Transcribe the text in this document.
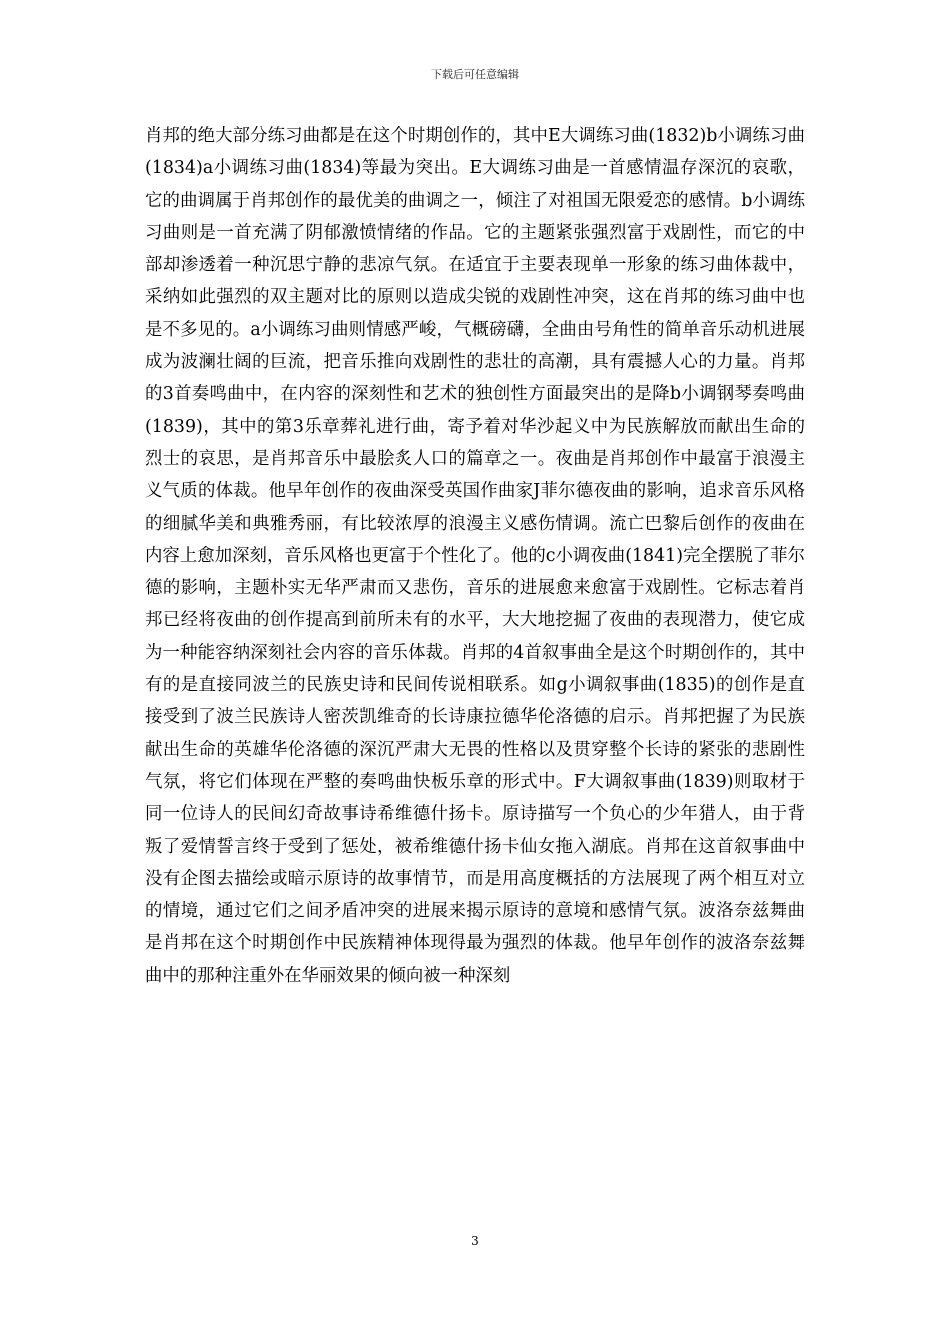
下载后可任意编辑

肖邦的绝大部分练习曲都是在这个时期创作的，其中E大调练习曲(1832)b小调练习曲(1834)a小调练习曲(1834)等最为突出。E大调练习曲是一首感情温存深沉的哀歌，它的曲调属于肖邦创作的最优美的曲调之一，倾注了对祖国无限爱恋的感情。b小调练习曲则是一首充满了阴郁激愤情绪的作品。它的主题紧张强烈富于戏剧性，而它的中部却渗透着一种沉思宁静的悲凉气氛。在适宜于主要表现单一形象的练习曲体裁中，采纳如此强烈的双主题对比的原则以造成尖锐的戏剧性冲突，这在肖邦的练习曲中也是不多见的。a小调练习曲则情感严峻，气概磅礴，全曲由号角性的简单音乐动机进展成为波澜壮阔的巨流，把音乐推向戏剧性的悲壮的高潮，具有震撼人心的力量。肖邦的3首奏鸣曲中，在内容的深刻性和艺术的独创性方面最突出的是降b小调钢琴奏鸣曲(1839)，其中的第3乐章葬礼进行曲，寄予着对华沙起义中为民族解放而献出生命的烈士的哀思，是肖邦音乐中最脍炙人口的篇章之一。夜曲是肖邦创作中最富于浪漫主义气质的体裁。他早年创作的夜曲深受英国作曲家J菲尔德夜曲的影响，追求音乐风格的细腻华美和典雅秀丽，有比较浓厚的浪漫主义感伤情调。流亡巴黎后创作的夜曲在内容上愈加深刻，音乐风格也更富于个性化了。他的c小调夜曲(1841)完全摆脱了菲尔德的影响，主题朴实无华严肃而又悲伤，音乐的进展愈来愈富于戏剧性。它标志着肖邦已经将夜曲的创作提高到前所未有的水平，大大地挖掘了夜曲的表现潜力，使它成为一种能容纳深刻社会内容的音乐体裁。肖邦的4首叙事曲全是这个时期创作的，其中有的是直接同波兰的民族史诗和民间传说相联系。如g小调叙事曲(1835)的创作是直接受到了波兰民族诗人密茨凯维奇的长诗康拉德华伦洛德的启示。肖邦把握了为民族献出生命的英雄华伦洛德的深沉严肃大无畏的性格以及贯穿整个长诗的紧张的悲剧性气氛，将它们体现在严整的奏鸣曲快板乐章的形式中。F大调叙事曲(1839)则取材于同一位诗人的民间幻奇故事诗希维德什扬卡。原诗描写一个负心的少年猎人，由于背叛了爱情誓言终于受到了惩处，被希维德什扬卡仙女拖入湖底。肖邦在这首叙事曲中没有企图去描绘或暗示原诗的故事情节，而是用高度概括的方法展现了两个相互对立的情境，通过它们之间矛盾冲突的进展来揭示原诗的意境和感情气氛。波洛奈兹舞曲是肖邦在这个时期创作中民族精神体现得最为强烈的体裁。他早年创作的波洛奈兹舞曲中的那种注重外在华丽效果的倾向被一种深刻

3
